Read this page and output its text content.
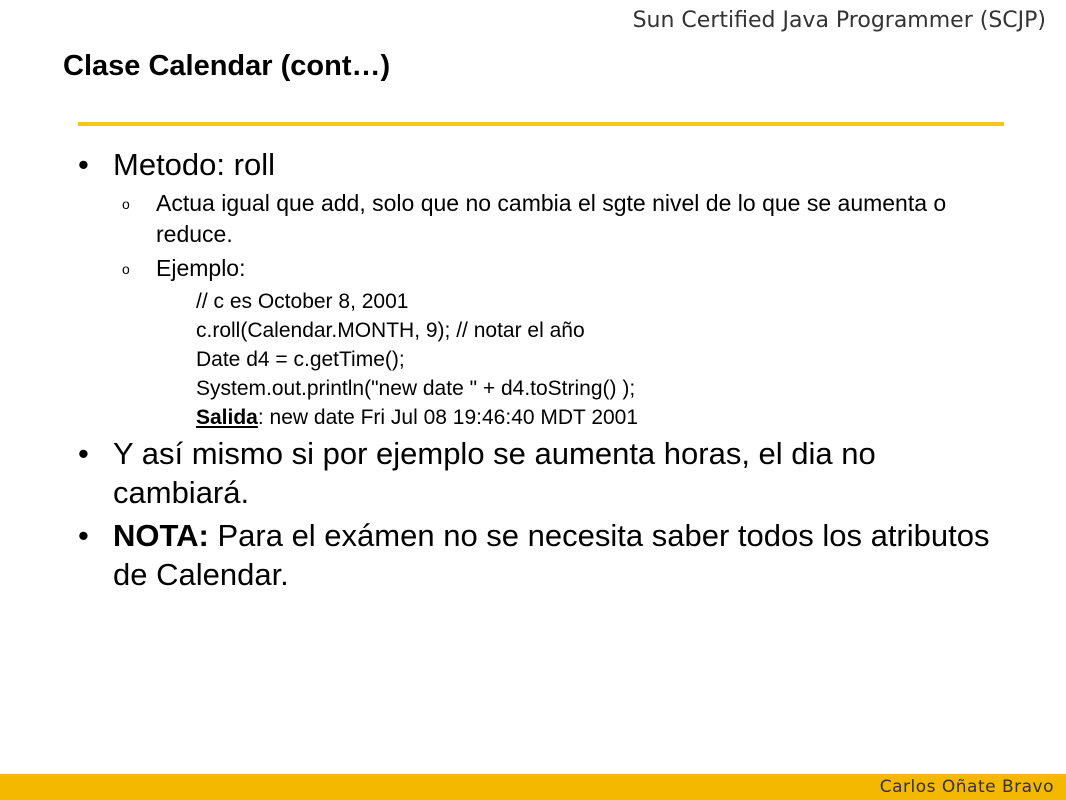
Sun Certified Java Programmer (SCJP)
Clase Calendar (cont…)
• Metodo: roll
o Actua igual que add, solo que no cambia el sgte nivel de lo que se aumenta o reduce.
o Ejemplo:
// c es October 8, 2001
c.roll(Calendar.MONTH, 9); // notar el año
Date d4 = c.getTime();
System.out.println("new date " + d4.toString() );
Salida: new date Fri Jul 08 19:46:40 MDT 2001
• Y así mismo si por ejemplo se aumenta horas, el dia no cambiará.
• NOTA: Para el exámen no se necesita saber todos los atributos de Calendar.
Carlos Oñate Bravo
